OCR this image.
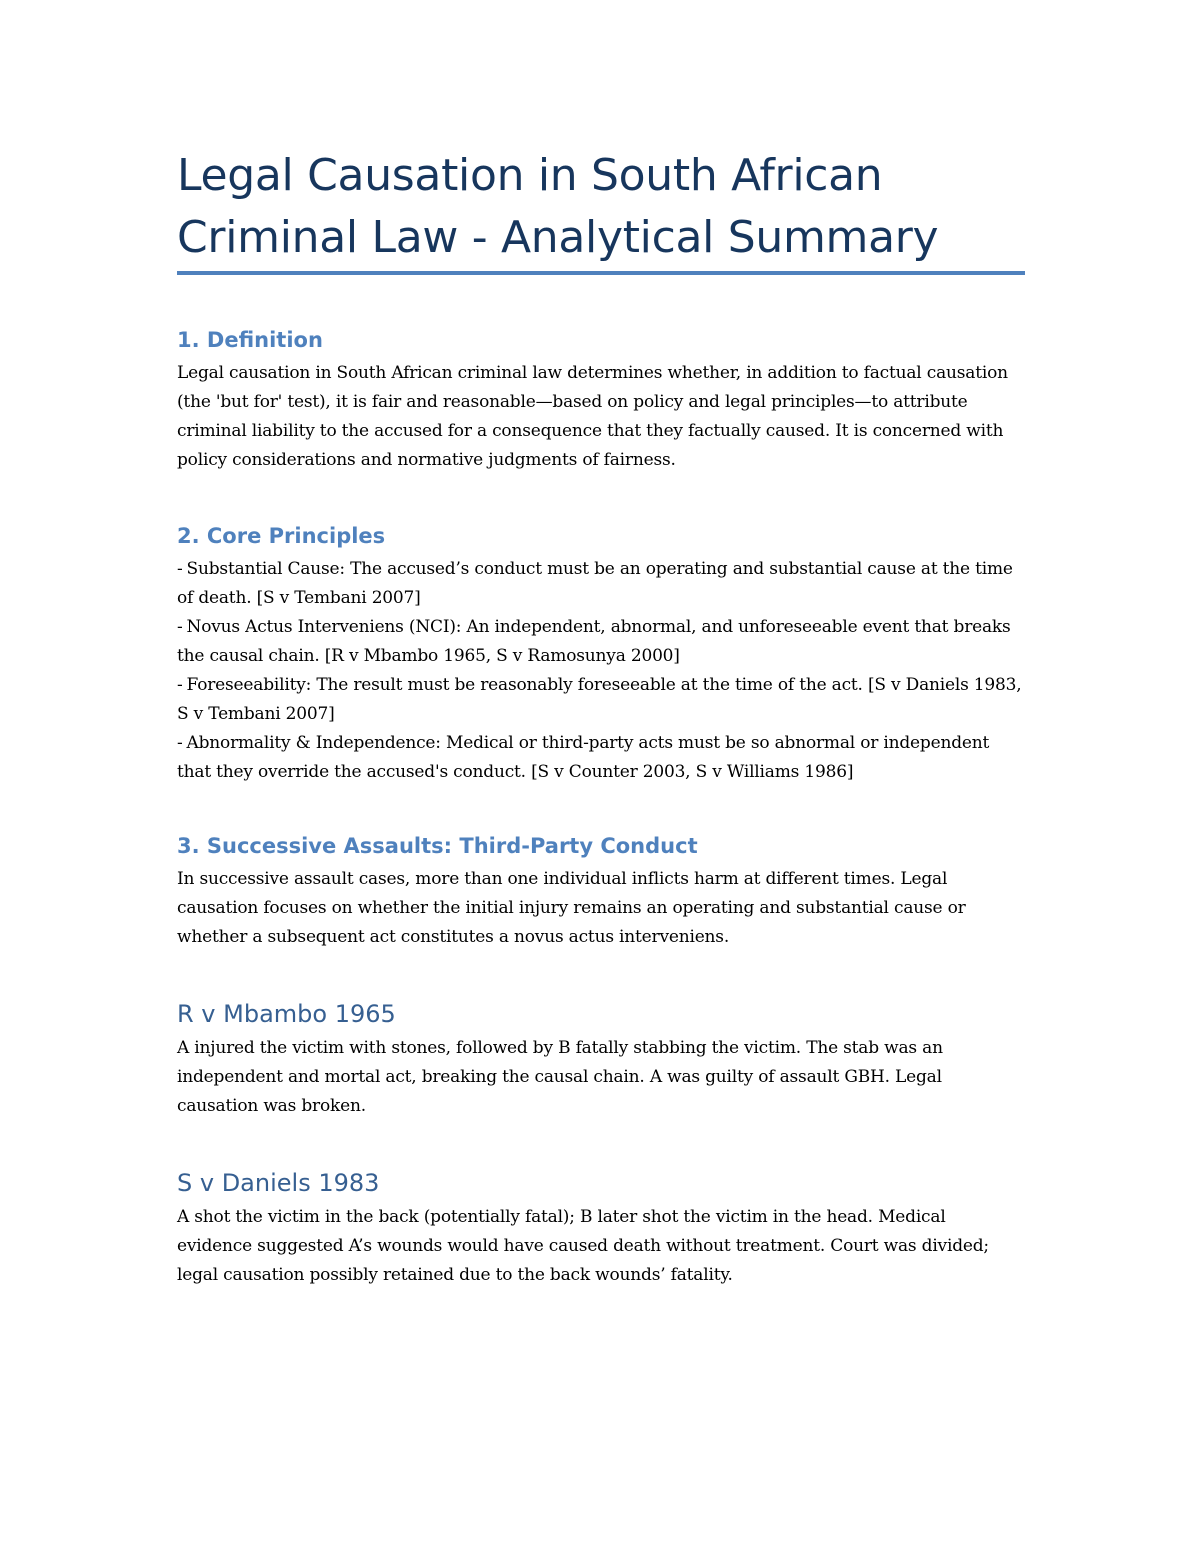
Legal Causation in South African
Criminal Law - Analytical Summary
1. Definition

Legal causation in South African criminal law determines whether, in addition to factual causation (the 'but for' test), it is fair and reasonable—based on policy and legal principles—to attribute criminal liability to the accused for a consequence that they factually caused. It is concerned with policy considerations and normative judgments of fairness.

2. Core Principles
- Substantial Cause: The accused’s conduct must be an operating and substantial cause at the time of death. [S v Tembani 2007]
- Novus Actus Interveniens (NCI): An independent, abnormal, and unforeseeable event that breaks the causal chain. [R v Mbambo 1965, S v Ramosunya 2000]
- Foreseeability: The result must be reasonably foreseeable at the time of the act. [S v Daniels 1983, S v Tembani 2007]
- Abnormality & Independence: Medical or third-party acts must be so abnormal or independent that they override the accused's conduct. [S v Counter 2003, S v Williams 1986]
3. Successive Assaults: Third-Party Conduct

In successive assault cases, more than one individual inflicts harm at different times. Legal causation focuses on whether the initial injury remains an operating and substantial cause or whether a subsequent act constitutes a novus actus interveniens.

R v Mbambo 1965

A injured the victim with stones, followed by B fatally stabbing the victim. The stab was an independent and mortal act, breaking the causal chain. A was guilty of assault GBH. Legal causation was broken.

S v Daniels 1983

A shot the victim in the back (potentially fatal); B later shot the victim in the head. Medical evidence suggested A’s wounds would have caused death without treatment. Court was divided; legal causation possibly retained due to the back wounds’ fatality.
